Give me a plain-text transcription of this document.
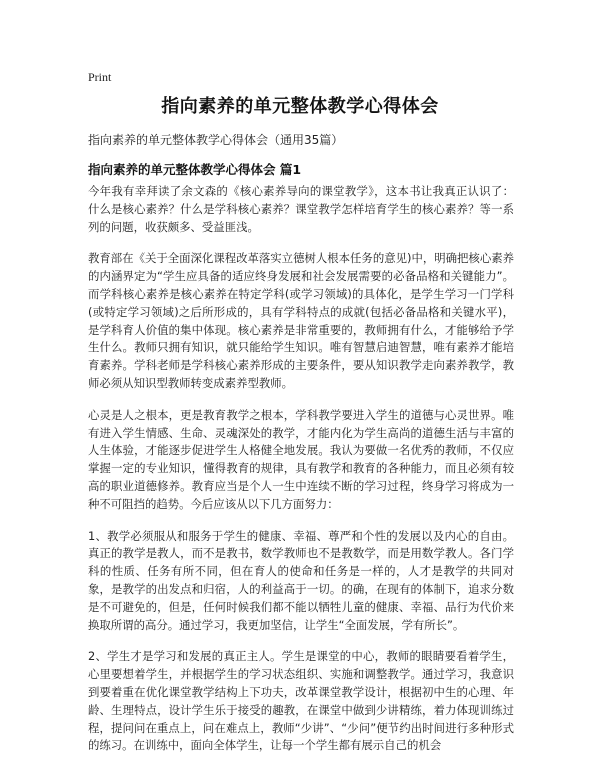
Print
指向素养的单元整体教学心得体会
指向素养的单元整体教学心得体会（通用35篇）
指向素养的单元整体教学心得体会 篇1

今年我有幸拜读了余文森的《核心素养导向的课堂教学》，这本书让我真正认识了：什么是核心素养？什么是学科核心素养？课堂教学怎样培育学生的核心素养？等一系列的问题，收获颇多、受益匪浅。

教育部在《关于全面深化课程改革落实立德树人根本任务的意见)中，明确把核心素养的内涵界定为“学生应具备的适应终身发展和社会发展需要的必备品格和关键能力”。而学科核心素养是核心素养在特定学科(或学习领域)的具体化，是学生学习一门学科(或特定学习领域)之后所形成的，具有学科特点的成就(包括必备品格和关键水平)，是学科育人价值的集中体现。核心素养是非常重要的，教师拥有什么，才能够给予学生什么。教师只拥有知识，就只能给学生知识。唯有智慧启迪智慧，唯有素养才能培育素养。学科老师是学科核心素养形成的主要条件，要从知识教学走向素养教学，教师必须从知识型教师转变成素养型教师。

心灵是人之根本，更是教育教学之根本，学科教学要进入学生的道德与心灵世界。唯有进入学生情感、生命、灵魂深处的教学，才能内化为学生高尚的道德生活与丰富的人生体验，才能逐步促进学生人格健全地发展。我认为要做一名优秀的教师，不仅应掌握一定的专业知识，懂得教育的规律，具有教学和教育的各种能力，而且必须有较高的职业道德修养。教育应当是个人一生中连续不断的学习过程，终身学习将成为一种不可阻挡的趋势。今后应该从以下几方面努力：

1、教学必须服从和服务于学生的健康、幸福、尊严和个性的发展以及内心的自由。真正的教学是教人，而不是教书，数学教师也不是教数学，而是用数学教人。各门学科的性质、任务有所不同，但在育人的使命和任务是一样的，人才是教学的共同对象，是教学的出发点和归宿，人的利益高于一切。的确，在现有的体制下，追求分数是不可避免的，但是，任何时候我们都不能以牺牲儿童的健康、幸福、品行为代价来换取所谓的高分。通过学习，我更加坚信，让学生“全面发展，学有所长”。

2、学生才是学习和发展的真正主人。学生是课堂的中心，教师的眼睛要看着学生，心里要想着学生，并根据学生的学习状态组织、实施和调整教学。通过学习，我意识到要着重在优化课堂教学结构上下功夫，改革课堂教学设计，根据初中生的心理、年龄、生理特点，设计学生乐于接受的趣教，在课堂中做到少讲精练，着力体现训练过程，提问问在重点上，问在难点上，教师“少讲”、“少问”便节约出时间进行多种形式的练习。在训练中，面向全体学生，让每一个学生都有展示自己的机会
